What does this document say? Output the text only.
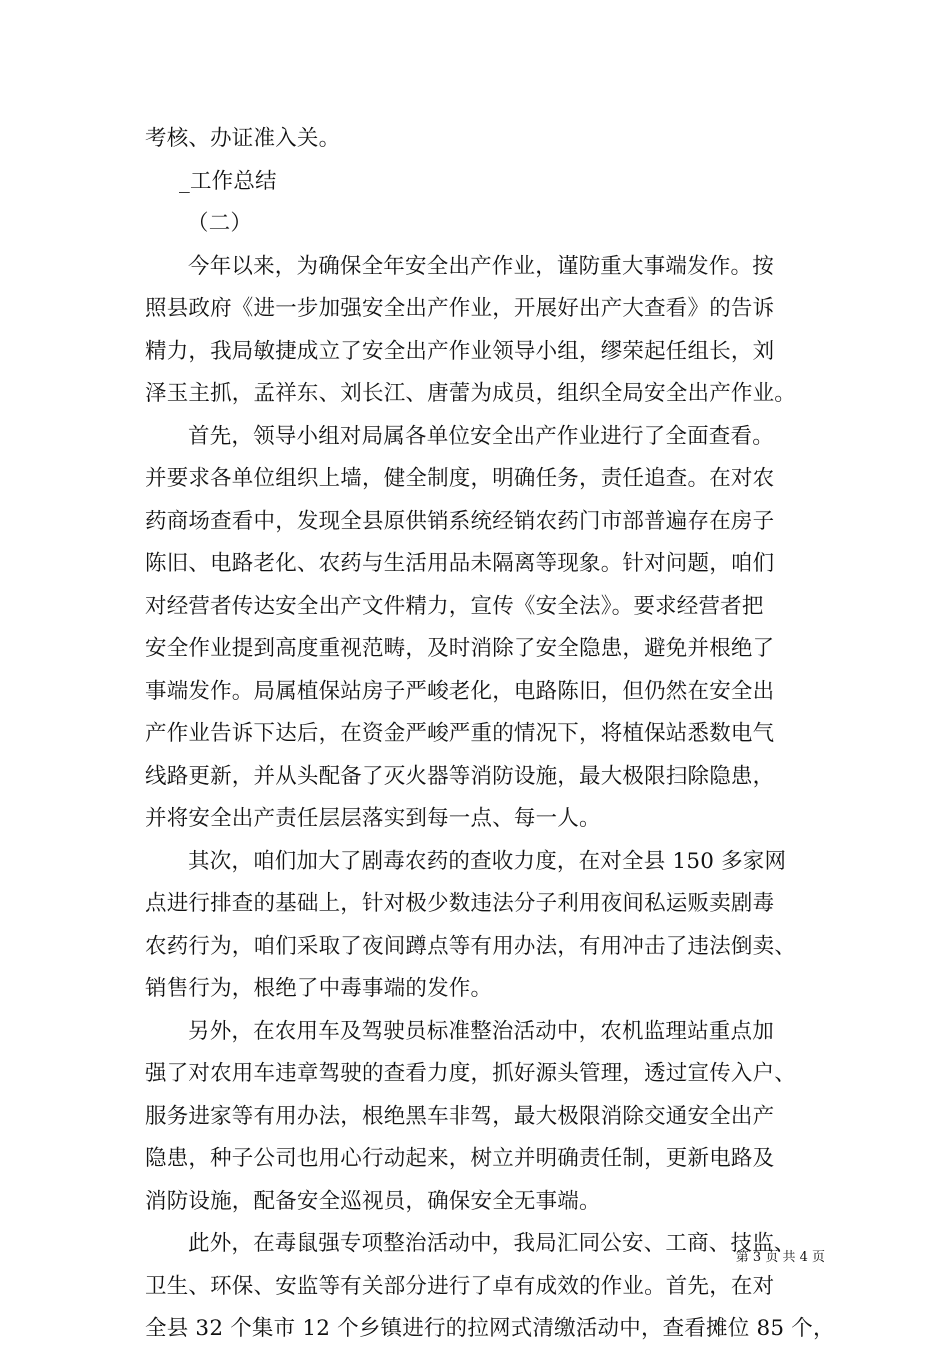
考核、办证准入关。
_工作总结
（二）
今年以来，为确保全年安全出产作业，谨防重大事端发作。按
照县政府《进一步加强安全出产作业，开展好出产大查看》的告诉
精力，我局敏捷成立了安全出产作业领导小组，缪荣起任组长，刘
泽玉主抓，孟祥东、刘长江、唐蕾为成员，组织全局安全出产作业。
首先，领导小组对局属各单位安全出产作业进行了全面查看。
并要求各单位组织上墙，健全制度，明确任务，责任追查。在对农
药商场查看中，发现全县原供销系统经销农药门市部普遍存在房子
陈旧、电路老化、农药与生活用品未隔离等现象。针对问题，咱们
对经营者传达安全出产文件精力，宣传《安全法》。要求经营者把
安全作业提到高度重视范畴，及时消除了安全隐患，避免并根绝了
事端发作。局属植保站房子严峻老化，电路陈旧，但仍然在安全出
产作业告诉下达后，在资金严峻严重的情况下，将植保站悉数电气
线路更新，并从头配备了灭火器等消防设施，最大极限扫除隐患，
并将安全出产责任层层落实到每一点、每一人。
其次，咱们加大了剧毒农药的查收力度，在对全县 150 多家网
点进行排查的基础上，针对极少数违法分子利用夜间私运贩卖剧毒
农药行为，咱们采取了夜间蹲点等有用办法，有用冲击了违法倒卖、
销售行为，根绝了中毒事端的发作。
另外，在农用车及驾驶员标准整治活动中，农机监理站重点加
强了对农用车违章驾驶的查看力度，抓好源头管理，透过宣传入户、
服务进家等有用办法，根绝黑车非驾，最大极限消除交通安全出产
隐患，种子公司也用心行动起来，树立并明确责任制，更新电路及
消防设施，配备安全巡视员，确保安全无事端。
此外，在毒鼠强专项整治活动中，我局汇同公安、工商、技监、
卫生、环保、安监等有关部分进行了卓有成效的作业。首先，在对
全县 32 个集市 12 个乡镇进行的拉网式清缴活动中，查看摊位 85 个，
第 3 页 共 4 页
